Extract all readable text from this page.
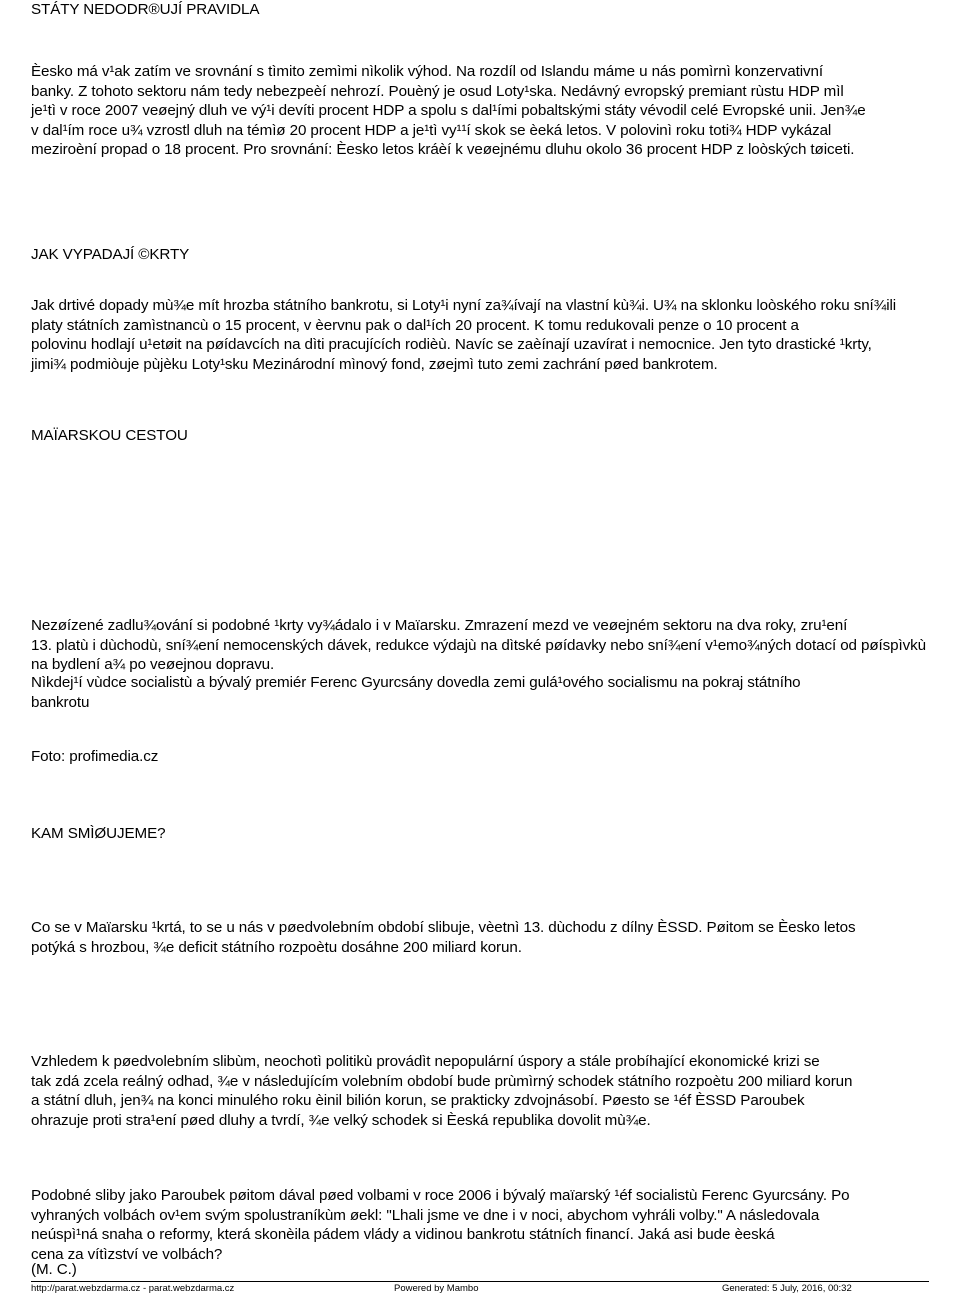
Èesko má v¹ak zatím ve srovnání s tìmito zemìmi nìkolik výhod. Na rozdíl od Islandu máme u nás pomìrnì konzervativní
banky. Z tohoto sektoru nám tedy nebezpeèí nehrozí. Pouèný je osud Loty¹ska. Nedávný evropský premiant rùstu HDP mìl
je¹tì v roce 2007 veøejný dluh ve vý¹i devíti procent HDP a spolu s dal¹ími pobaltskými státy vévodil celé Evropské unii. Jen¾e
v dal¹ím roce u¾ vzrostl dluh na témìø 20 procent HDP a je¹tì vy¹¹í skok se èeká letos. V polovinì roku toti¾ HDP vykázal
meziroèní propad o 18 procent. Pro srovnání: Èesko letos kráèí k veøejnému dluhu okolo 36 procent HDP z loòských tøiceti.
JAK VYPADAJÍ ©KRTY
Jak drtivé dopady mù¾e mít hrozba státního bankrotu, si Loty¹i nyní za¾ívají na vlastní kù¾i. U¾ na sklonku loòského roku sní¾ili
platy státních zamìstnancù o 15 procent, v èervnu pak o dal¹ích 20 procent. K tomu redukovali penze o 10 procent a
polovinu hodlají u¹etøit na pøídavcích na dìti pracujících rodièù. Navíc se zaèínají uzavírat i nemocnice. Jen tyto drastické ¹krty,
jimi¾ podmiòuje pùjèku Loty¹sku Mezinárodní mìnový fond, zøejmì tuto zemi zachrání pøed bankrotem.
MAÏARSKOU CESTOU
Nezøízené zadlu¾ování si podobné ¹krty vy¾ádalo i v Maïarsku. Zmrazení mezd ve veøejném sektoru na dva roky, zru¹ení
13. platù i dùchodù, sní¾ení nemocenských dávek, redukce výdajù na dìtské pøídavky nebo sní¾ení v¹emo¾ných dotací od pøíspìvkù
na bydlení a¾ po veøejnou dopravu.
Nìkdej¹í vùdce socialistù a bývalý premiér Ferenc Gyurcsány dovedla zemi gulá¹ového socialismu na pokraj státního
bankrotu
Foto: profimedia.cz
KAM SMÌØUJEME?
Co se v Maïarsku ¹krtá, to se u nás v pøedvolebním období slibuje, vèetnì 13. dùchodu z dílny ÈSSD. Pøitom se Èesko letos
potýká s hrozbou, ¾e deficit státního rozpoètu dosáhne 200 miliard korun.
Vzhledem k pøedvolebním slibùm, neochotì politikù provádìt nepopulární úspory a stále probíhající ekonomické krizi se
tak zdá zcela reálný odhad, ¾e v následujícím volebním období bude prùmìrný schodek státního rozpoètu 200 miliard korun
a státní dluh, jen¾ na konci minulého roku èinil bilión korun, se prakticky zdvojnásobí. Pøesto se ¹éf ÈSSD Paroubek
ohrazuje proti stra¹ení pøed dluhy a tvrdí, ¾e velký schodek si Èeská republika dovolit mù¾e.
Podobné sliby jako Paroubek pøitom dával pøed volbami v roce 2006 i bývalý maïarský ¹éf socialistù Ferenc Gyurcsány. Po
vyhraných volbách ov¹em svým spolustraníkùm øekl: "Lhali jsme ve dne i v noci, abychom vyhráli volby." A následovala
neúspì¹ná snaha o reformy, která skonèila pádem vlády a vidinou bankrotu státních financí. Jaká asi bude èeská
cena za vítìzství ve volbách?
(M. C.)
STÁTY NEDODR®UJÍ PRAVIDLA
http://parat.webzdarma.cz - parat.webzdarma.cz	Powered by Mambo	Generated: 5 July, 2016, 00:32
